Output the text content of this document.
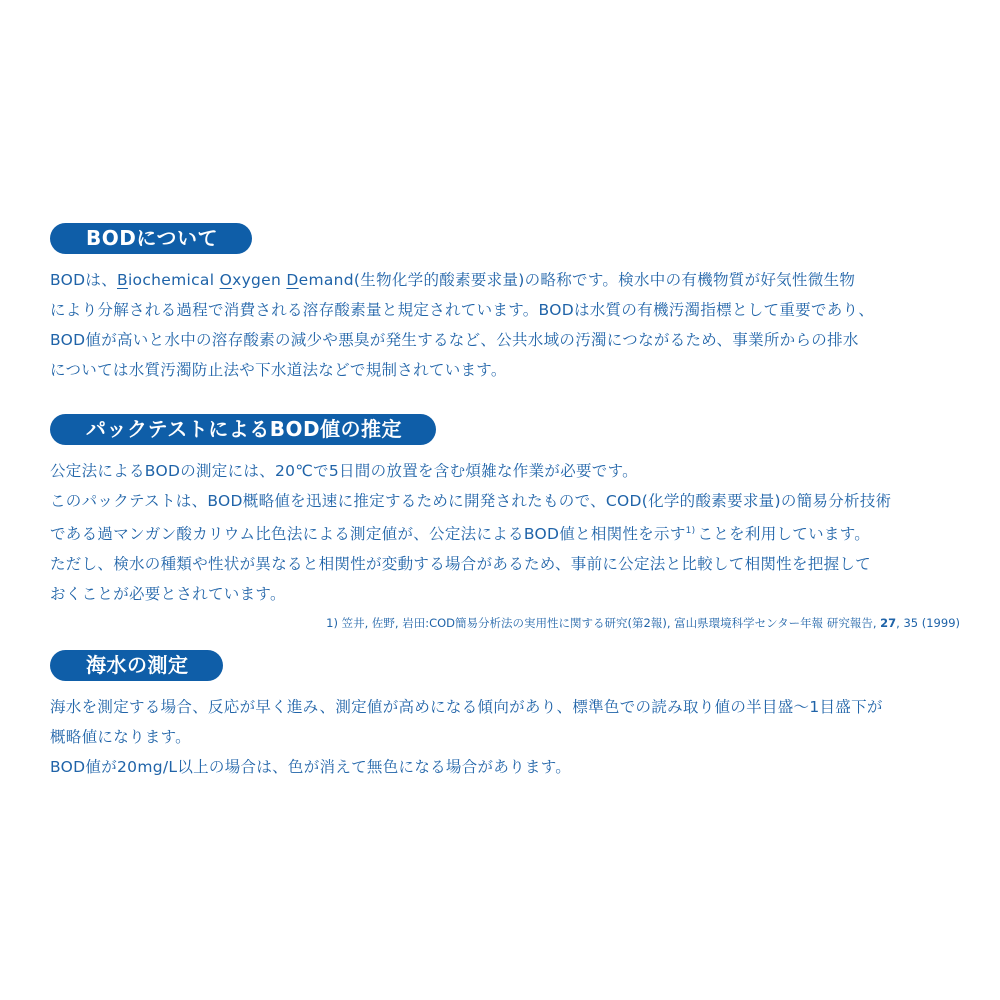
BODについて
BODは、Biochemical Oxygen Demand(生物化学的酸素要求量)の略称です。検水中の有機物質が好気性微生物
により分解される過程で消費される溶存酸素量と規定されています。BODは水質の有機汚濁指標として重要であり、
BOD値が高いと水中の溶存酸素の減少や悪臭が発生するなど、公共水域の汚濁につながるため、事業所からの排水
については水質汚濁防止法や下水道法などで規制されています。
パックテストによるBOD値の推定
公定法によるBODの測定には、20℃で5日間の放置を含む煩雑な作業が必要です。
このパックテストは、BOD概略値を迅速に推定するために開発されたもので、COD(化学的酸素要求量)の簡易分析技術
である過マンガン酸カリウム比色法による測定値が、公定法によるBOD値と相関性を示す$^{1)}$ ことを利用しています。
ただし、検水の種類や性状が異なると相関性が変動する場合があるため、事前に公定法と比較して相関性を把握して
おくことが必要とされています。
1) 笠井, 佐野, 岩田:COD簡易分析法の実用性に関する研究(第2報), 富山県環境科学センター年報 研究報告, 27, 35 (1999)
海水の測定
海水を測定する場合、反応が早く進み、測定値が高めになる傾向があり、標準色での読み取り値の半目盛～1目盛下が
概略値になります。
BOD値が20mg/L以上の場合は、色が消えて無色になる場合があります。
